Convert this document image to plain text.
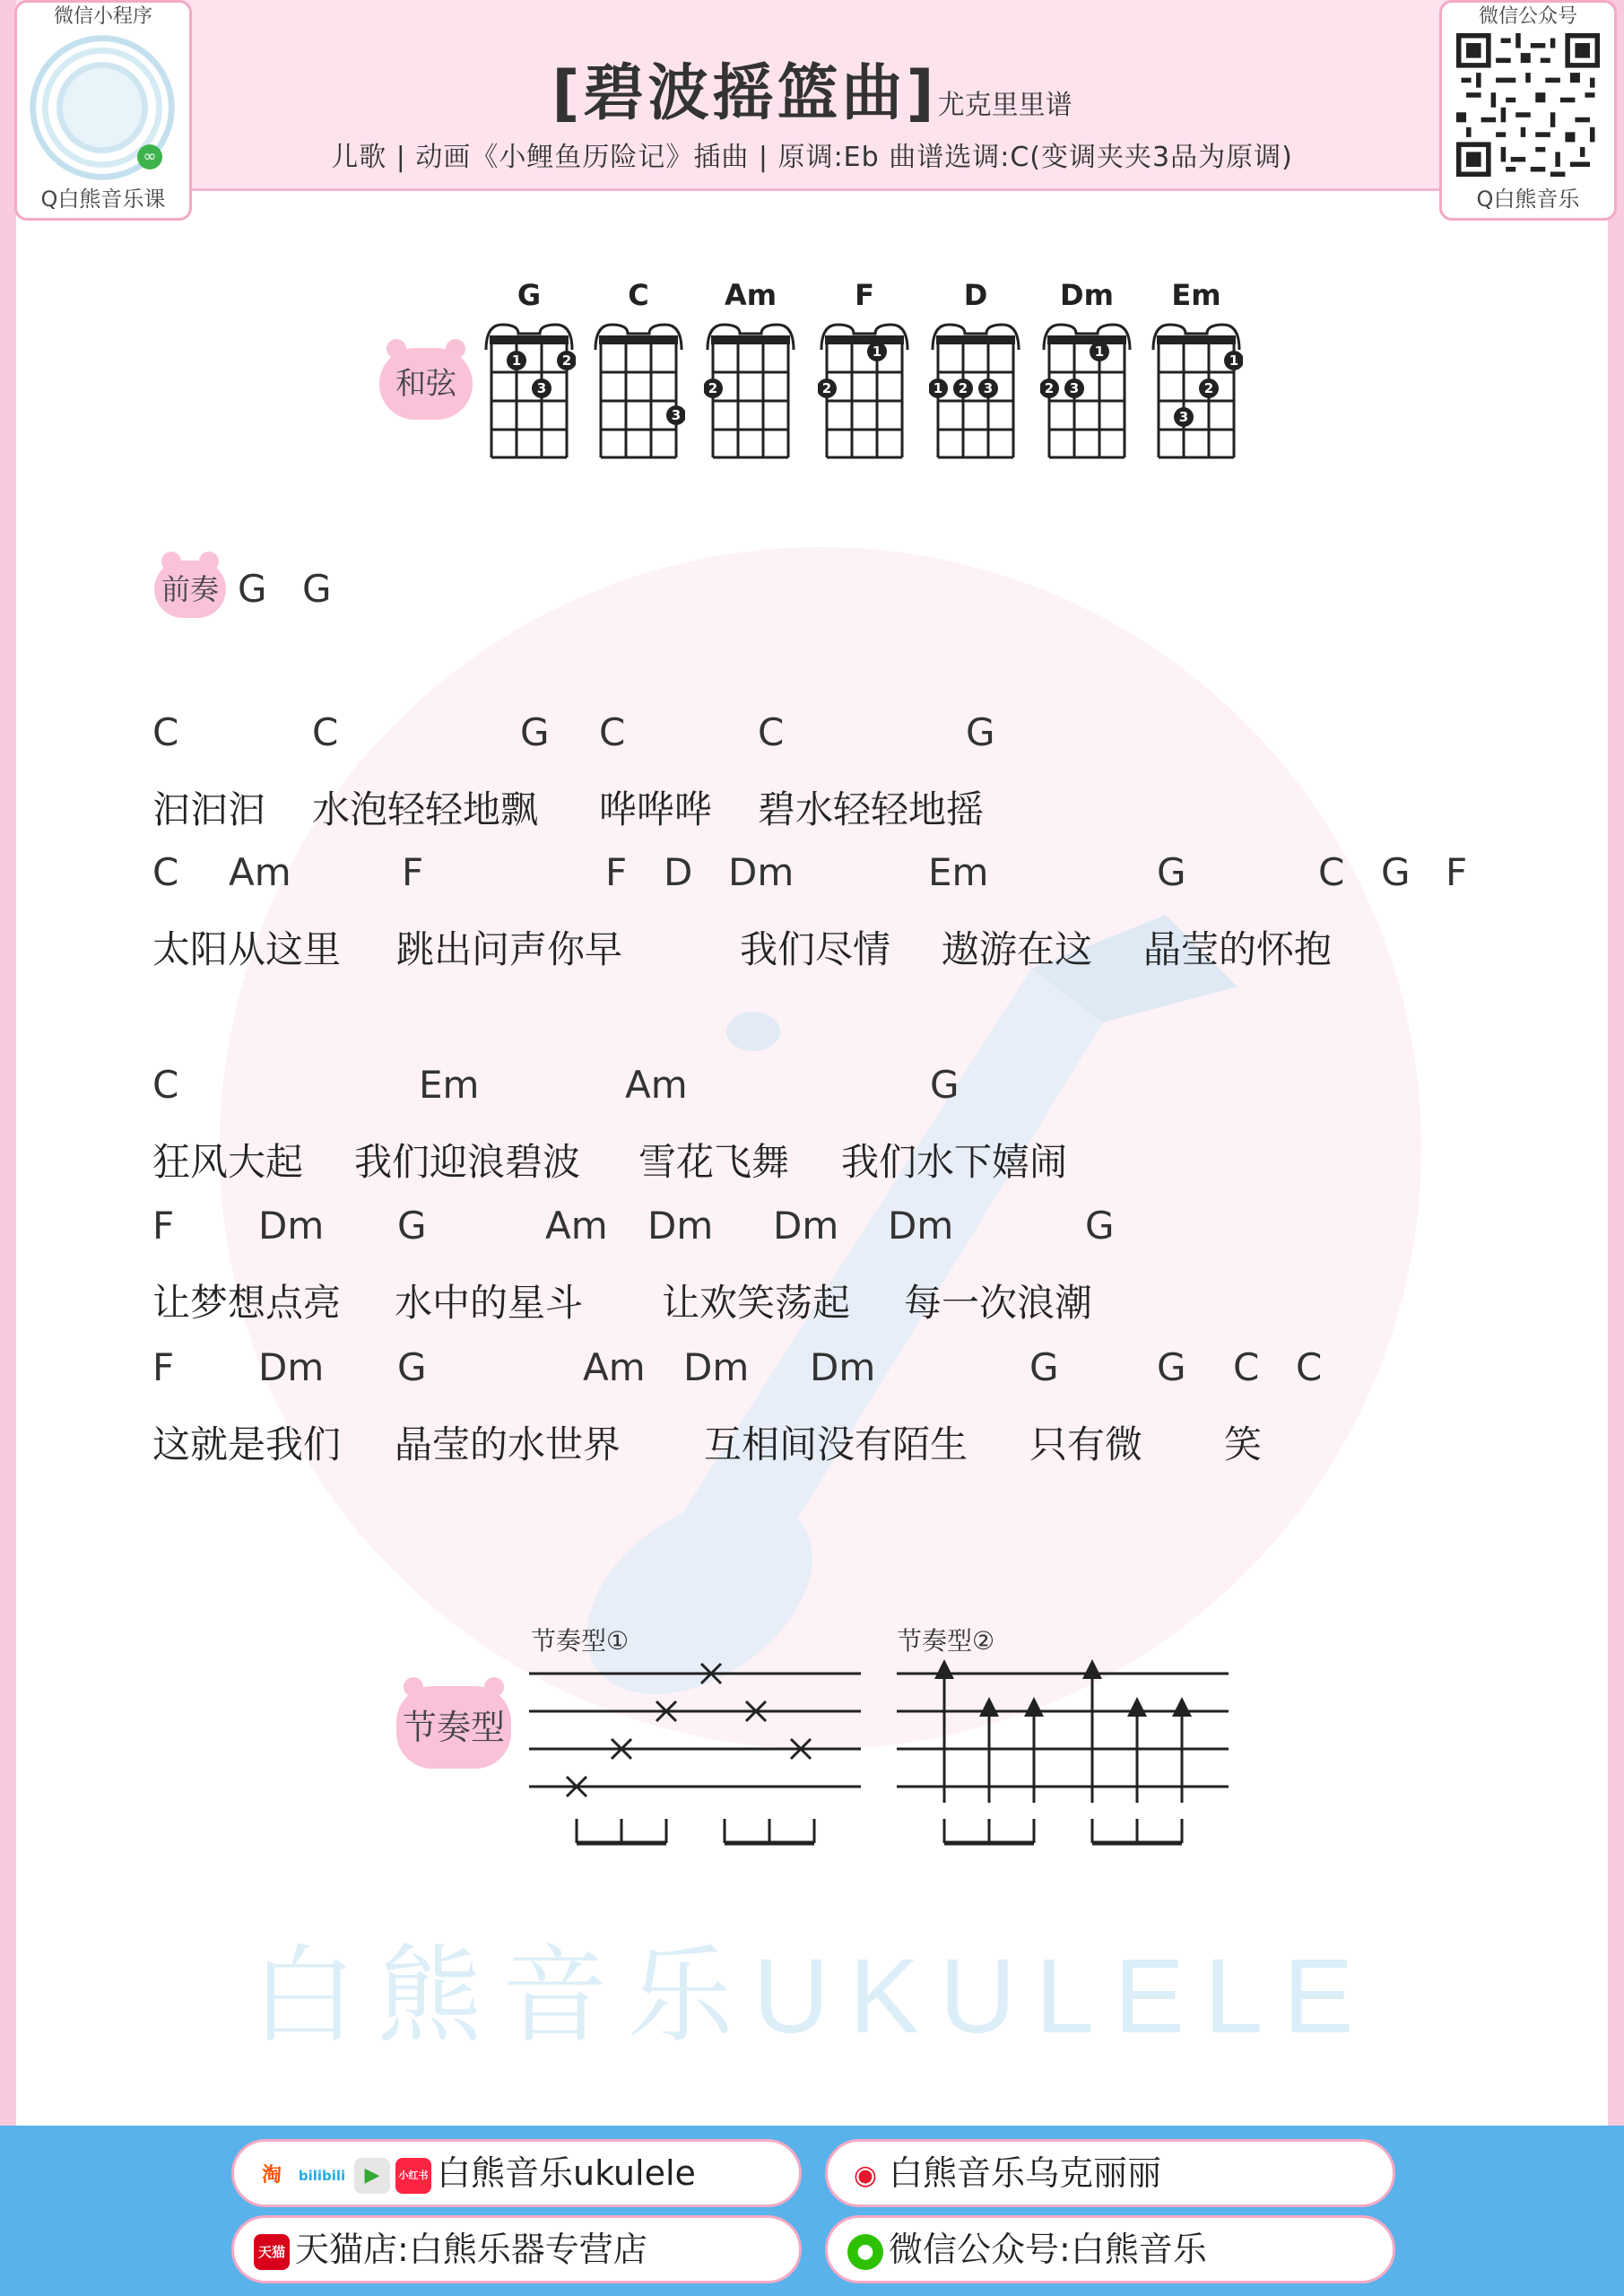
微信小程序
∞
Q白熊音乐课
微信公众号
Q白熊音乐
[碧波摇篮曲]尤克里里谱
儿歌 | 动画《小鲤鱼历险记》插曲 | 原调:Eb 曲谱选调:C(变调夹夹3品为原调)
和弦
G
1	2
3
C
3
Am
2
F
1
2
D
1 2 3
Dm
1
2 3
Em
1
2
3
前奏 G G
C	C	G C	C	G
汩汩汩 水泡轻轻地飘 哗哗哗 碧水轻轻地摇
C Am	F	F D Dm	Em	G	C G F
太阳从这里 跳出问声你早	我们尽情 遨游在这 晶莹的怀抱
C	Em	Am	G
狂风大起 我们迎浪碧波 雪花飞舞 我们水下嬉闹
F Dm G	Am Dm Dm Dm	G
让梦想点亮 水中的星斗 让欢笑荡起 每一次浪潮
F Dm G	Am Dm Dm	G	G C C
这就是我们 晶莹的水世界 互相间没有陌生 只有微 笑
节奏型
节奏型①	节奏型②
白熊音乐UKULELE
淘 bilibili ▶ 小红书 白熊音乐ukulele	◉ 白熊音乐乌克丽丽
天猫 天猫店:白熊乐器专营店	● 微信公众号:白熊音乐
